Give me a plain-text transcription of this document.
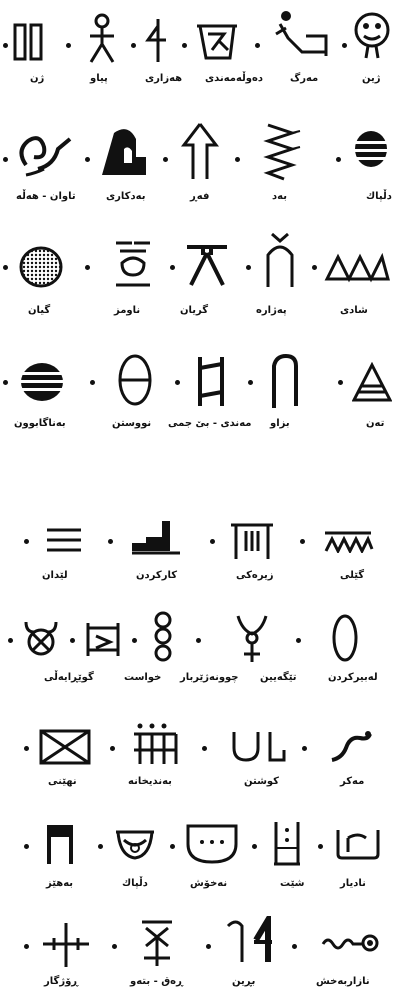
ژین
مەرگ
دەوڵەمەندی
هەزاری
پیاو
ژن
دڵپاك
بەد
فەڕ
بەدکاری
تاوان - هەڵە
شادی
پەژارە
گریان
ناومز
گیان
تەن
بزاو
مەندی - بێ جمی
نووستن
بەناگابوون
گێلی
زیرەکی
کارکردن
لێدان
لەبیرکردن
تێگەیین
چوونەژێربار
خواست
گوێڕایەڵی
مەکر
کوشتن
بەندیخانە
نهێنی
نادیار
شێت
نەخۆش
دڵپاك
بەهێز
نازاربەخش
بڕین
ڕەق - بتەو
ڕۆژگار
